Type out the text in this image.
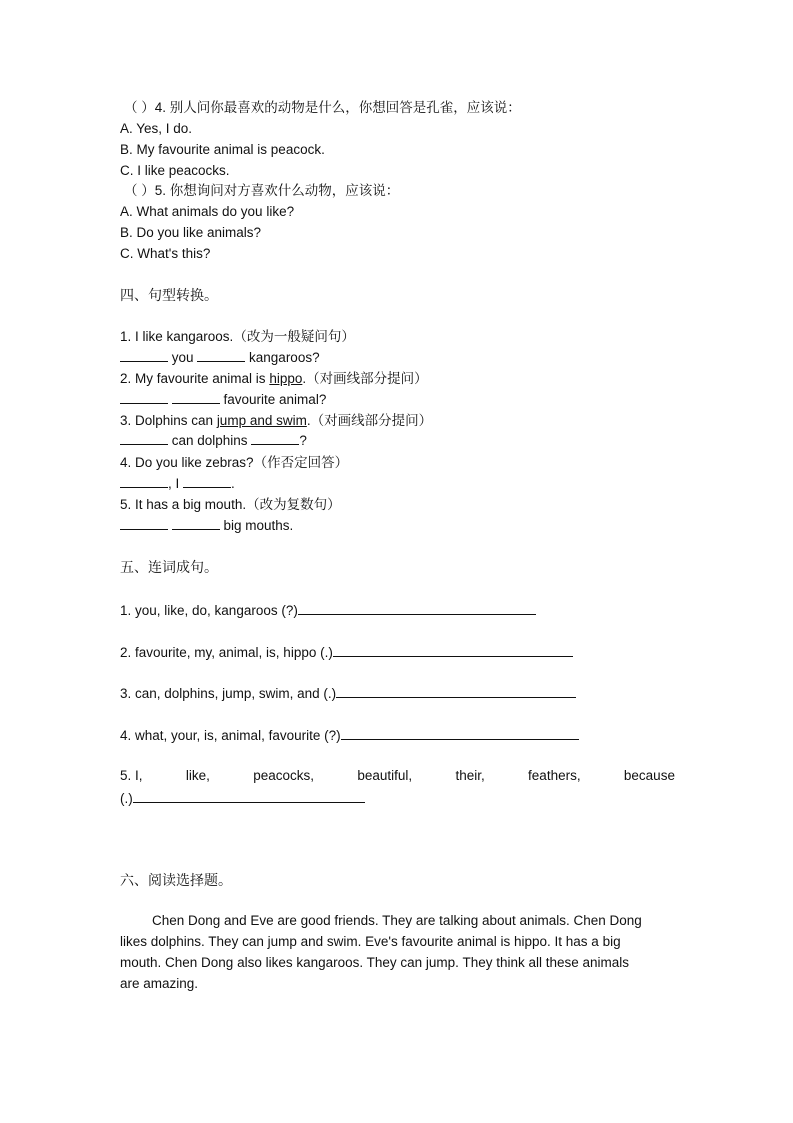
（ ）4. 别人问你最喜欢的动物是什么，你想回答是孔雀，应该说：
A. Yes, I do.
B. My favourite animal is peacock.
C. I like peacocks.
（ ）5. 你想询问对方喜欢什么动物，应该说：
A. What animals do you like?
B. Do you like animals?
C. What's this?
四、句型转换。
1. I like kangaroos.（改为一般疑问句）
you	kangaroos?
2. My favourite animal is hippo.（对画线部分提问）
favourite animal?
3. Dolphins can jump and swim.（对画线部分提问）
can dolphins	?
4. Do you like zebras?（作否定回答）
, I	.
5. It has a big mouth.（改为复数句）
big mouths.
五、连词成句。
1. you, like, do, kangaroos (?)
2. favourite, my, animal, is, hippo (.)
3. can, dolphins, jump, swim, and (.)
4. what, your, is, animal, favourite (?)
5. I,	like,	peacocks,	beautiful,	their,	feathers,	because
(.)
六、阅读选择题。
Chen Dong and Eve are good friends. They are talking about animals. Chen Dong
likes dolphins. They can jump and swim. Eve's favourite animal is hippo. It has a big
mouth. Chen Dong also likes kangaroos. They can jump. They think all these animals
are amazing.
